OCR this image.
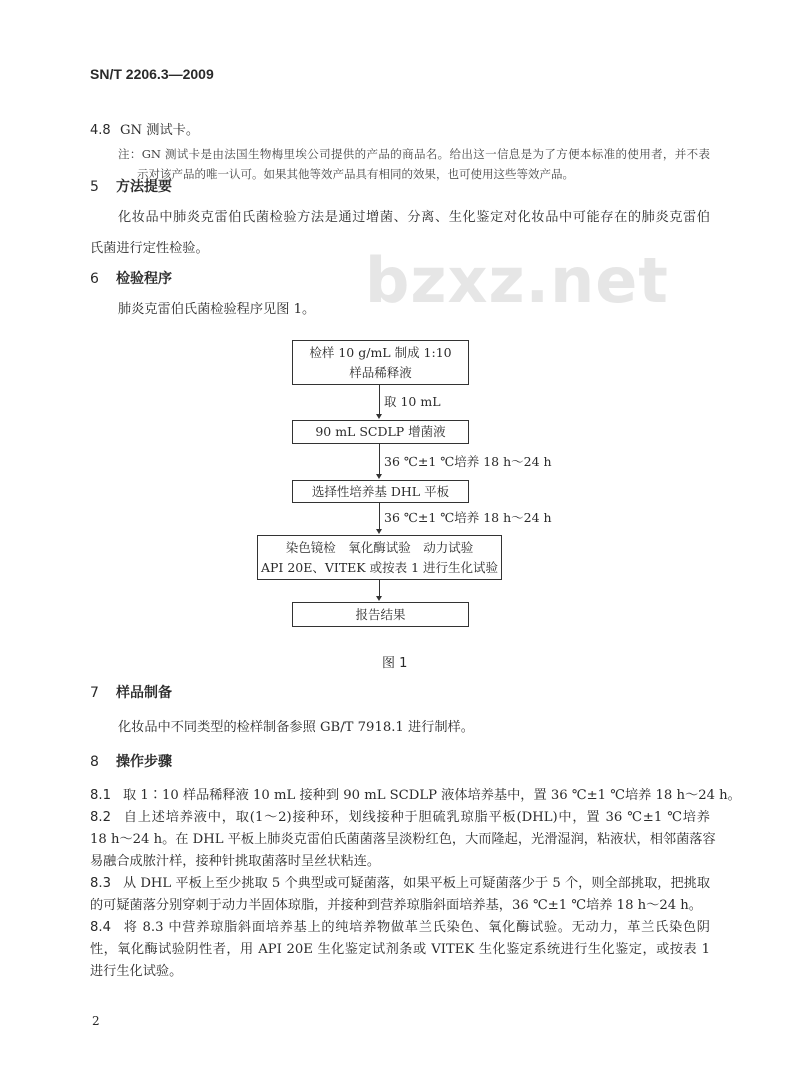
bzxz.net
SN/T 2206.3—2009
4.8 GN 测试卡。
注：GN 测试卡是由法国生物梅里埃公司提供的产品的商品名。给出这一信息是为了方便本标准的使用者，并不表
示对该产品的唯一认可。如果其他等效产品具有相同的效果，也可使用这些等效产品。
5 方法提要
化妆品中肺炎克雷伯氏菌检验方法是通过增菌、分离、生化鉴定对化妆品中可能存在的肺炎克雷伯
氏菌进行定性检验。
6 检验程序
肺炎克雷伯氏菌检验程序见图 1。
检样 10 g/mL 制成 1:10
样品稀释液
取 10 mL
90 mL SCDLP 增菌液
36 ℃±1 ℃培养 18 h～24 h
选择性培养基 DHL 平板
36 ℃±1 ℃培养 18 h～24 h
染色镜检　氧化酶试验　动力试验
API 20E、VITEK 或按表 1 进行生化试验
报告结果
图 1
7 样品制备
化妆品中不同类型的检样制备参照 GB/T 7918.1 进行制样。
8 操作步骤
8.1 取 1∶10 样品稀释液 10 mL 接种到 90 mL SCDLP 液体培养基中，置 36 ℃±1 ℃培养 18 h～24 h。
8.2 自上述培养液中，取(1～2)接种环，划线接种于胆硫乳琼脂平板(DHL)中，置 36 ℃±1 ℃培养
18 h～24 h。在 DHL 平板上肺炎克雷伯氏菌菌落呈淡粉红色，大而隆起，光滑湿润，粘液状，相邻菌落容
易融合成脓汁样，接种针挑取菌落时呈丝状粘连。
8.3 从 DHL 平板上至少挑取 5 个典型或可疑菌落，如果平板上可疑菌落少于 5 个，则全部挑取，把挑取
的可疑菌落分别穿刺于动力半固体琼脂，并接种到营养琼脂斜面培养基，36 ℃±1 ℃培养 18 h～24 h。
8.4 将 8.3 中营养琼脂斜面培养基上的纯培养物做革兰氏染色、氧化酶试验。无动力，革兰氏染色阴
性，氧化酶试验阴性者，用 API 20E 生化鉴定试剂条或 VITEK 生化鉴定系统进行生化鉴定，或按表 1
进行生化试验。
2
